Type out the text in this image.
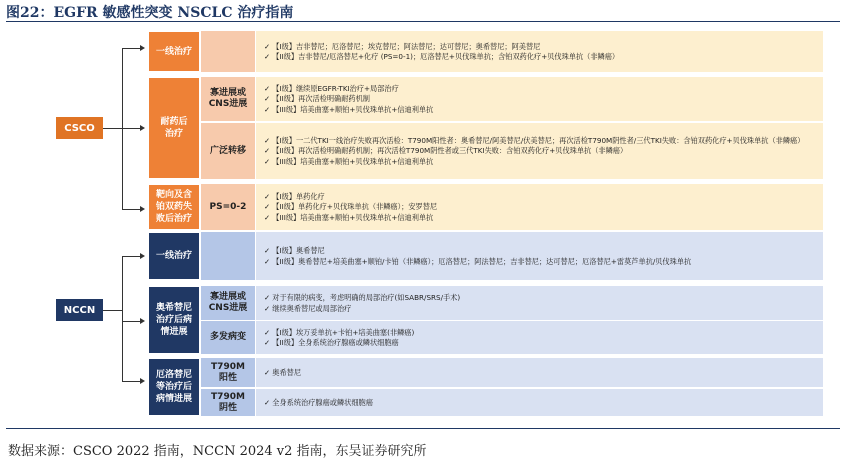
图22：EGFR 敏感性突变 NSCLC 治疗指南
CSCO
NCCN
一线治疗

✓ 【I级】吉非替尼；厄洛替尼；埃克替尼；阿法替尼；达可替尼；奥希替尼；阿美替尼

✓ 【II级】吉非替尼/厄洛替尼+化疗 (PS=0-1)；厄洛替尼+贝伐珠单抗；含铂双药化疗+贝伐珠单抗（非鳞癌）

耐药后治疗
寡进展或CNS进展

✓ 【I级】继续原EGFR-TKI治疗+局部治疗

✓ 【II级】再次活检明确耐药机制

✓ 【III级】培美曲塞+顺铂+贝伐珠单抗+信迪利单抗

广泛转移

✓ 【I级】一二代TKI一线治疗失败再次活检：T790M阳性者：奥希替尼/阿美替尼/伏美替尼；再次活检T790M阴性者/三代TKI失败：含铂双药化疗+贝伐珠单抗（非鳞癌）

✓ 【II级】再次活检明确耐药机制；再次活检T790M阴性者或三代TKI失败：含铂双药化疗+贝伐珠单抗（非鳞癌）

✓ 【III级】培美曲塞+顺铂+贝伐珠单抗+信迪利单抗

靶向及含铂双药失败后治疗
PS=0-2

✓ 【I级】单药化疗

✓ 【II级】单药化疗+贝伐珠单抗（非鳞癌）；安罗替尼

✓ 【III级】培美曲塞+顺铂+贝伐珠单抗+信迪利单抗

一线治疗

✓ 【I级】奥希替尼

✓ 【II级】奥希替尼+培美曲塞+顺铂/卡铂（非鳞癌）；厄洛替尼；阿法替尼；吉非替尼；达可替尼；厄洛替尼+雷莫芦单抗/贝伐珠单抗

奥希替尼治疗后病情进展
寡进展或CNS进展

✓ 对于有限的病变，考虑明确的局部治疗(如SABR/SRS/手术)

✓ 继续奥希替尼或局部治疗

多发病变	✓ 【I级】埃万妥单抗+卡铂+培美曲塞(非鳞癌)

✓ 【II级】全身系统治疗腺癌或鳞状细胞癌

厄洛替尼等治疗后病情进展
T790M阳性

✓ 奥希替尼

T790M阴性

✓ 全身系统治疗腺癌或鳞状细胞癌

数据来源：CSCO 2022 指南，NCCN 2024 v2 指南，东吴证券研究所
